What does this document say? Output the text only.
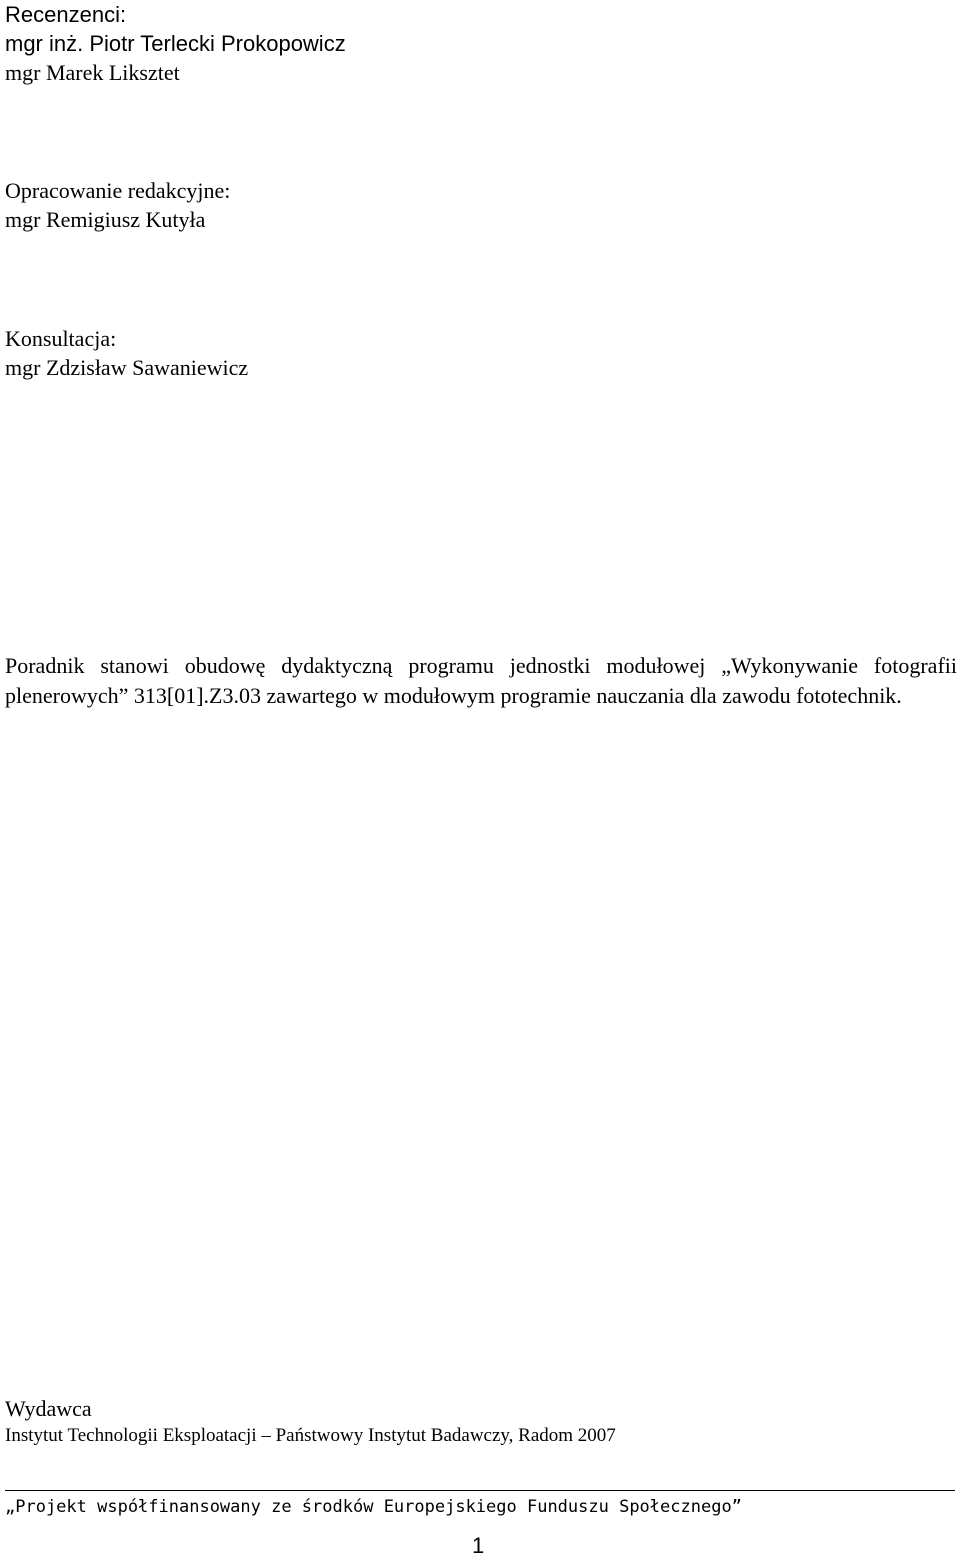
Recenzenci:
mgr inż. Piotr Terlecki Prokopowicz
mgr Marek Liksztet
Opracowanie redakcyjne:
mgr Remigiusz Kutyła
Konsultacja:
mgr Zdzisław Sawaniewicz

Poradnik stanowi obudowę dydaktyczną programu jednostki modułowej „Wykonywanie fotografii plenerowych” 313[01].Z3.03 zawartego w modułowym programie nauczania dla zawodu fototechnik.

Wydawca
Instytut Technologii Eksploatacji – Państwowy Instytut Badawczy, Radom 2007
„Projekt współfinansowany ze środków Europejskiego Funduszu Społecznego”
1
